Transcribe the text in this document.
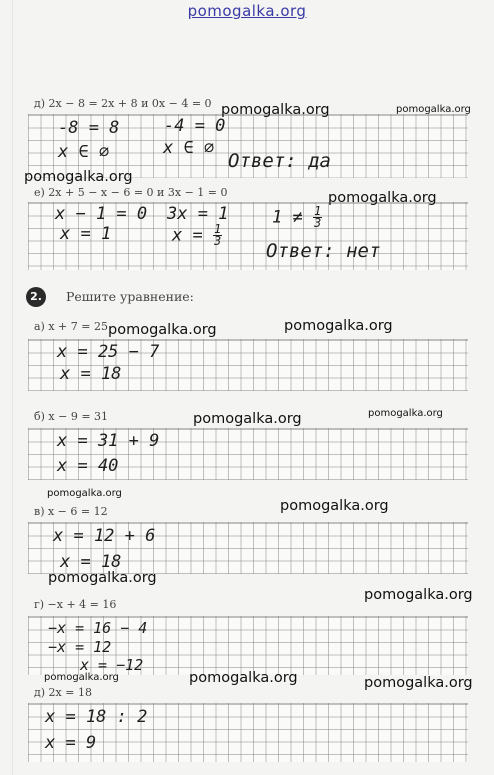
pomogalka.org
д) 2x − 8 = 2x + 8 и 0x − 4 = 0
-8 = 8	-4 = 0
x ∈ ∅	x ∈ ∅
Ответ: да
е) 2x + 5 − x − 6 = 0 и 3x − 1 = 0
x − 1 = 0 3x = 1
x = 1	$x = \frac{1}{3}$
$1 \ne \frac{1}{3}$
Ответ: нет
2.	Решите уравнение:
а) x + 7 = 25
x = 25 − 7
x = 18
б) x − 9 = 31
x = 31 + 9
x = 40
в) x − 6 = 12
x = 12 + 6
x = 18
г) −x + 4 = 16
−x = 16 − 4
−x = 12
x = −12
д) 2x = 18
x = 18 : 2
x = 9
pomogalka.org	pomogalka.org
pomogalka.org
pomogalka.org
pomogalka.org	pomogalka.org
pomogalka.org	pomogalka.org
pomogalka.org
pomogalka.org
pomogalka.org
pomogalka.org
pomogalka.org	pomogalka.org	pomogalka.org
